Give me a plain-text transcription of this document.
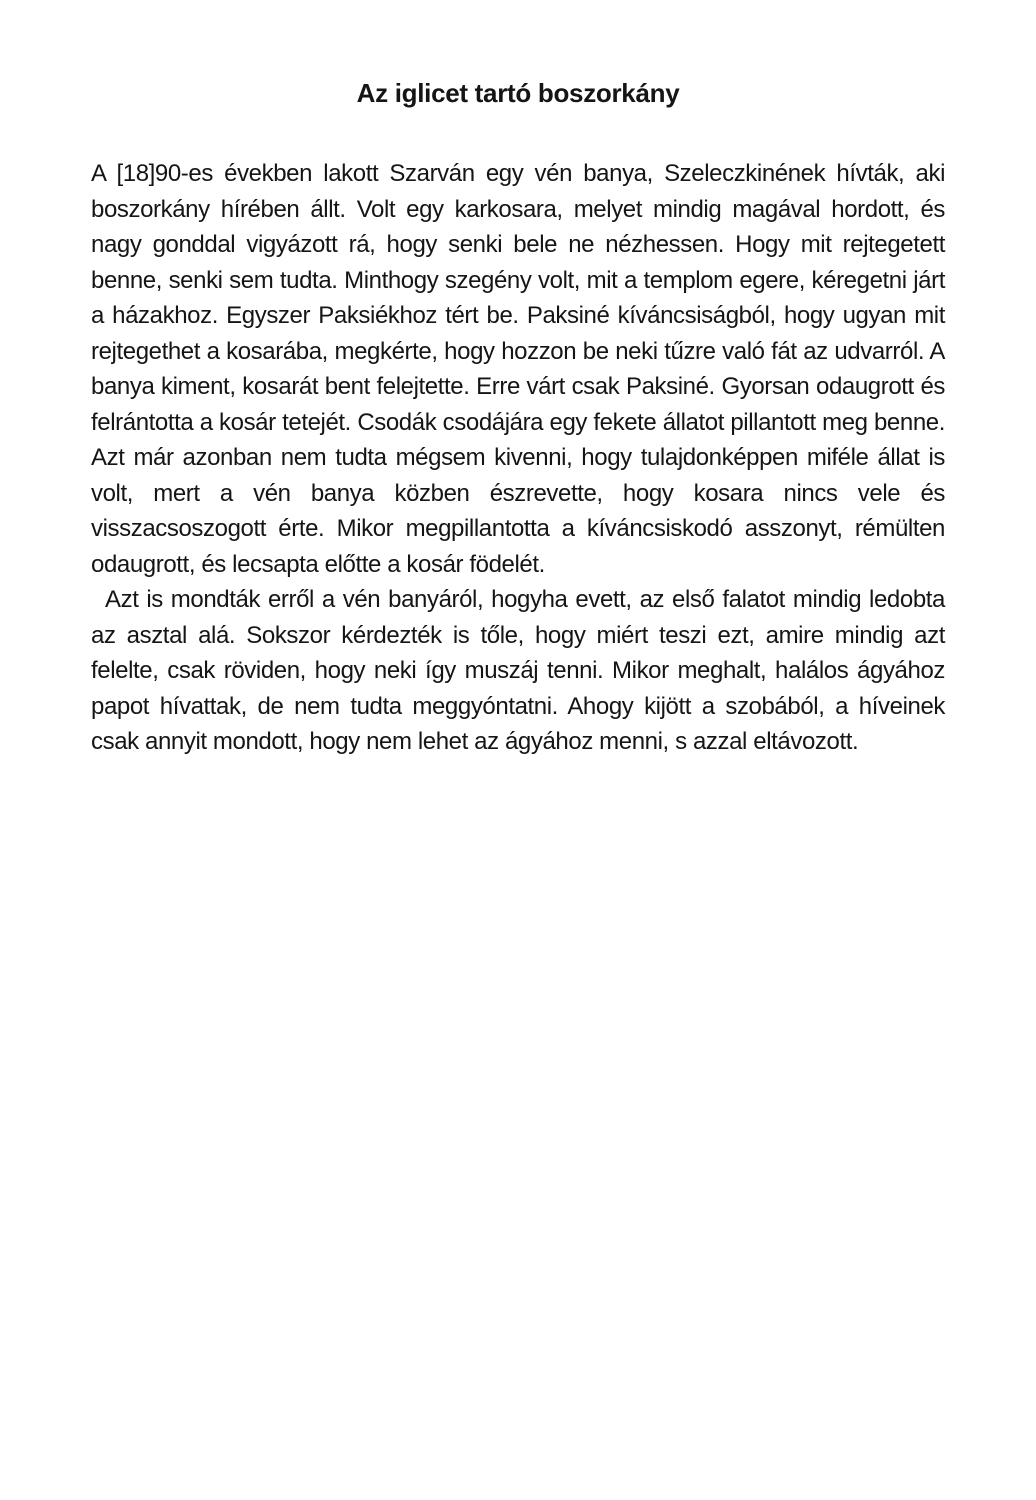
Az iglicet tartó boszorkány

A [18]90-es években lakott Szarván egy vén banya, Szeleczkinének hívták, aki boszorkány hírében állt. Volt egy karkosara, melyet mindig magával hordott, és nagy gonddal vigyázott rá, hogy senki bele ne nézhessen. Hogy mit rejtegetett benne, senki sem tudta. Minthogy szegény volt, mit a templom egere, kéregetni járt a házakhoz. Egyszer Paksiékhoz tért be. Paksiné kíváncsiságból, hogy ugyan mit rejtegethet a kosarába, megkérte, hogy hozzon be neki tűzre való fát az udvarról. A banya kiment, kosarát bent felejtette. Erre várt csak Paksiné. Gyorsan odaugrott és felrántotta a kosár tetejét. Csodák csodájára egy fekete állatot pillantott meg benne. Azt már azonban nem tudta mégsem kivenni, hogy tulajdonképpen miféle állat is volt, mert a vén banya közben észrevette, hogy kosara nincs vele és visszacsoszogott érte. Mikor megpillantotta a kíváncsiskodó asszonyt, rémülten odaugrott, és lecsapta előtte a kosár födelét.

Azt is mondták erről a vén banyáról, hogyha evett, az első falatot mindig ledobta az asztal alá. Sokszor kérdezték is tőle, hogy miért teszi ezt, amire mindig azt felelte, csak röviden, hogy neki így muszáj tenni. Mikor meghalt, halálos ágyához papot hívattak, de nem tudta meggyóntatni. Ahogy kijött a szobából, a híveinek csak annyit mondott, hogy nem lehet az ágyához menni, s azzal eltávozott.
